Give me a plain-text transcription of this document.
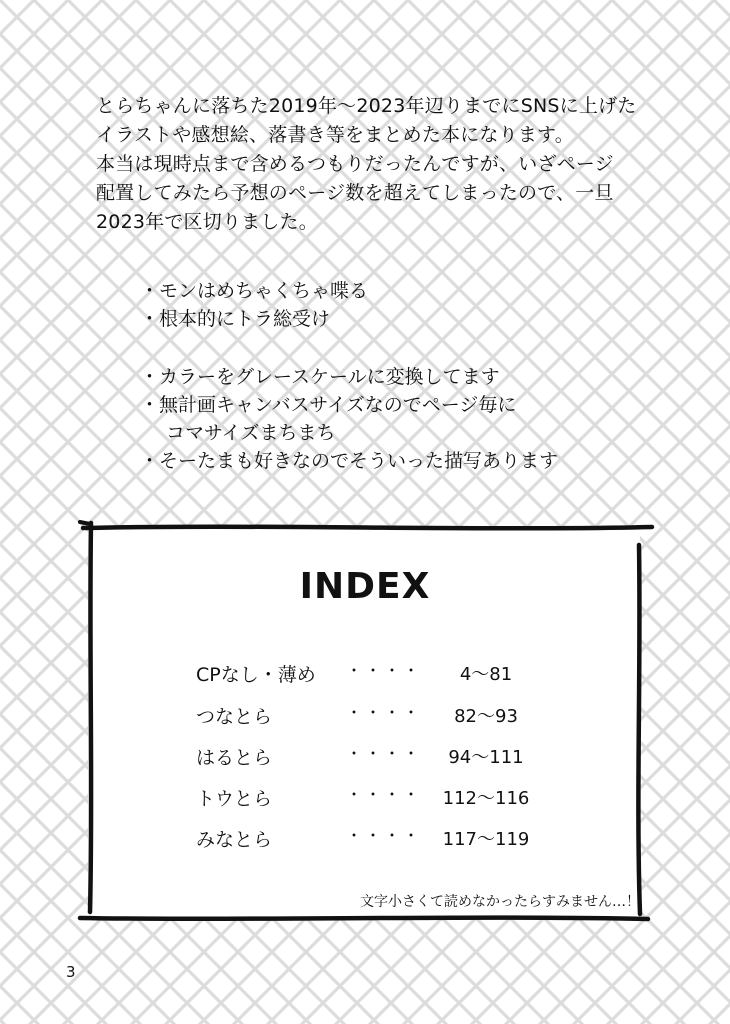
とらちゃんに落ちた2019年〜2023年辺りまでにSNSに上げた
イラストや感想絵、落書き等をまとめた本になります。
本当は現時点まで含めるつもりだったんですが、いざページ
配置してみたら予想のページ数を超えてしまったので、一旦
2023年で区切りました。
・モンはめちゃくちゃ喋る
・根本的にトラ総受け
・カラーをグレースケールに変換してます
・無計画キャンバスサイズなのでページ毎に
コマサイズまちまち
・そーたまも好きなのでそういった描写あります
INDEX
CPなし・薄め ・・・・	4〜81
つなとら	・・・・	82〜93
はるとら	・・・・	94〜111
トウとら	・・・・	112〜116
みなとら	・・・・	117〜119
文字小さくて読めなかったらすみません…！
3
